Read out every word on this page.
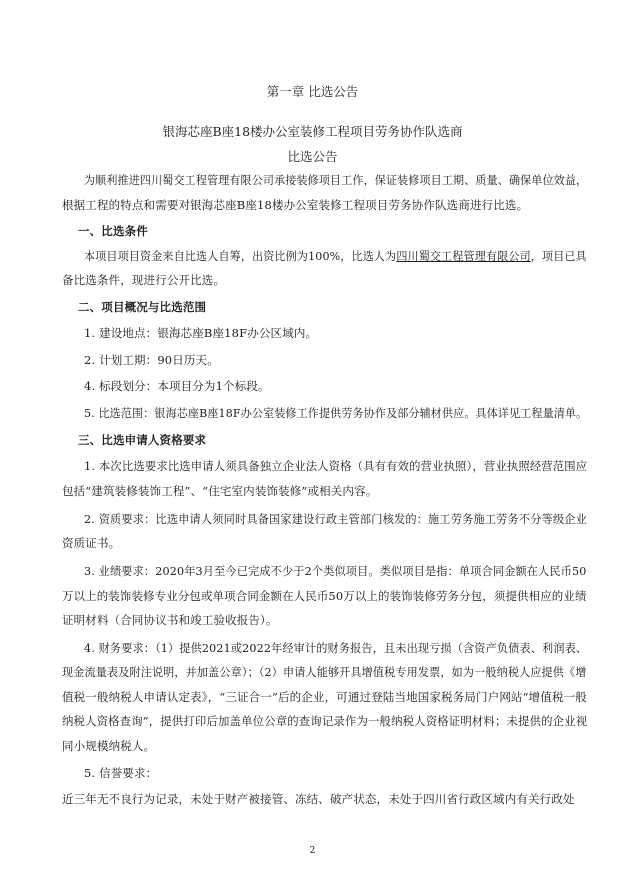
第一章 比选公告
银海芯座B座18楼办公室装修工程项目劳务协作队选商
比选公告
为顺利推进四川蜀交工程管理有限公司承接装修项目工作，保证装修项目工期、质量、确保单位效益，
根据工程的特点和需要对银海芯座B座18楼办公室装修工程项目劳务协作队选商进行比选。
一、比选条件
本项目项目资金来自比选人自筹，出资比例为100%，比选人为四川蜀交工程管理有限公司，项目已具
备比选条件，现进行公开比选。
二、项目概况与比选范围
1. 建设地点：银海芯座B座18F办公区域内。
2. 计划工期：90日历天。
4. 标段划分：本项目分为1个标段。
5. 比选范围：银海芯座B座18F办公室装修工作提供劳务协作及部分辅材供应。具体详见工程量清单。
三、比选申请人资格要求
1. 本次比选要求比选申请人须具备独立企业法人资格（具有有效的营业执照），营业执照经营范围应
包括“建筑装修装饰工程”、“住宅室内装饰装修”或相关内容。
2. 资质要求：比选申请人须同时具备国家建设行政主管部门核发的：施工劳务施工劳务不分等级企业
资质证书。
3. 业绩要求：2020年3月至今已完成不少于2个类似项目。类似项目是指：单项合同金额在人民币50
万以上的装饰装修专业分包或单项合同金额在人民币50万以上的装饰装修劳务分包，须提供相应的业绩
证明材料（合同协议书和竣工验收报告）。
4. 财务要求：（1）提供2021或2022年经审计的财务报告，且未出现亏损（含资产负债表、利润表、
现金流量表及附注说明，并加盖公章）；（2）申请人能够开具增值税专用发票，如为一般纳税人应提供《增
值税一般纳税人申请认定表》，“三证合一”后的企业，可通过登陆当地国家税务局门户网站“增值税一般
纳税人资格查询”，提供打印后加盖单位公章的查询记录作为一般纳税人资格证明材料；未提供的企业视
同小规模纳税人。
5. 信誉要求：
近三年无不良行为记录，未处于财产被接管、冻结、破产状态，未处于四川省行政区域内有关行政处
2
